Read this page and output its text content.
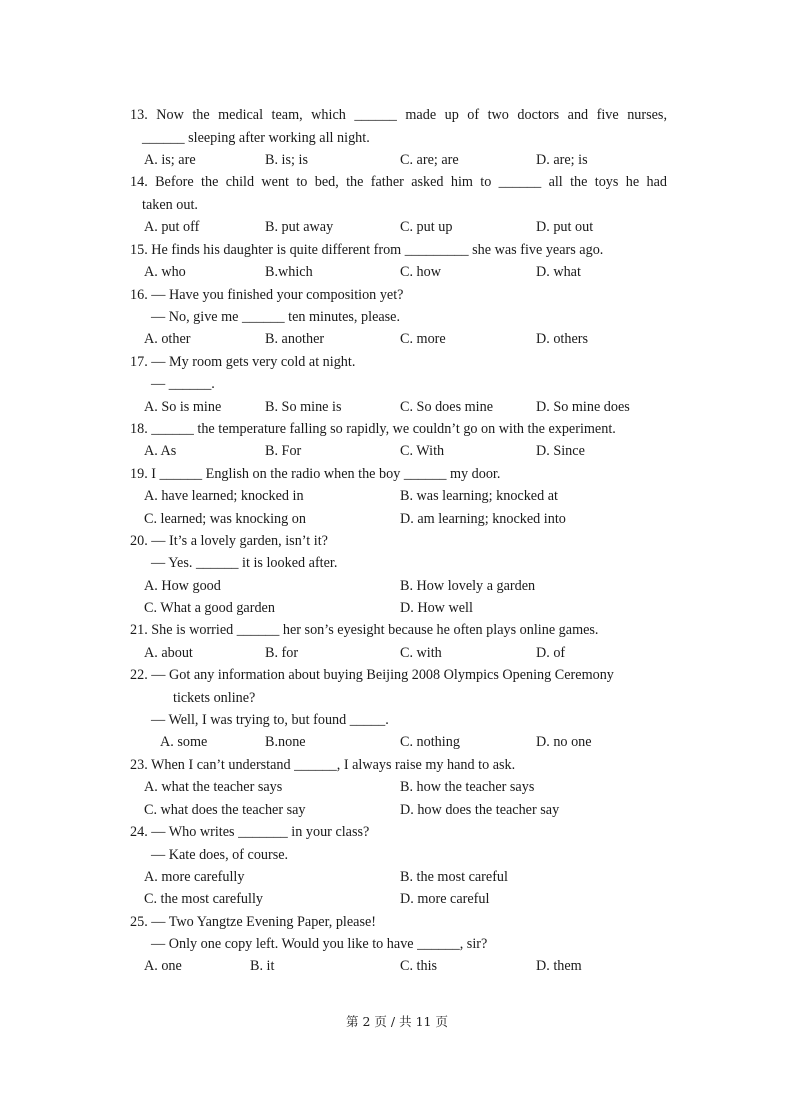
13. Now the medical team, which ______ made up of two doctors and five nurses,
______ sleeping after working all night.
A. is; are	B. is; is	C. are; are	D. are; is
14. Before the child went to bed, the father asked him to ______ all the toys he had
taken out.
A. put off	B. put away	C. put up	D. put out
15. He finds his daughter is quite different from _________ she was five years ago.
A. who	B.which	C. how	D. what
16. — Have you finished your composition yet?
— No, give me ______ ten minutes, please.
A. other	B. another	C. more	D. others
17. — My room gets very cold at night.
— ______.
A. So is mine	B. So mine is	C. So does mine	D. So mine does
18. ______ the temperature falling so rapidly, we couldn’t go on with the experiment.
A. As	B. For	C. With	D. Since
19. I ______ English on the radio when the boy ______ my door.
A. have learned; knocked in	B. was learning; knocked at
C. learned; was knocking on	D. am learning; knocked into
20. — It’s a lovely garden, isn’t it?
— Yes. ______ it is looked after.
A. How good	B. How lovely a garden
C. What a good garden	D. How well
21. She is worried ______ her son’s eyesight because he often plays online games.
A. about	B. for	C. with	D. of
22. — Got any information about buying Beijing 2008 Olympics Opening Ceremony
tickets online?
— Well, I was trying to, but found _____.
A. some	B.none	C. nothing	D. no one
23. When I can’t understand ______, I always raise my hand to ask.
A. what the teacher says	B. how the teacher says
C. what does the teacher say	D. how does the teacher say
24. — Who writes _______ in your class?
— Kate does, of course.
A. more carefully	B. the most careful
C. the most carefully	D. more careful
25. — Two Yangtze Evening Paper, please!
— Only one copy left. Would you like to have ______, sir?
A. one	B. it	C. this	D. them
第 2 页 / 共 11 页
